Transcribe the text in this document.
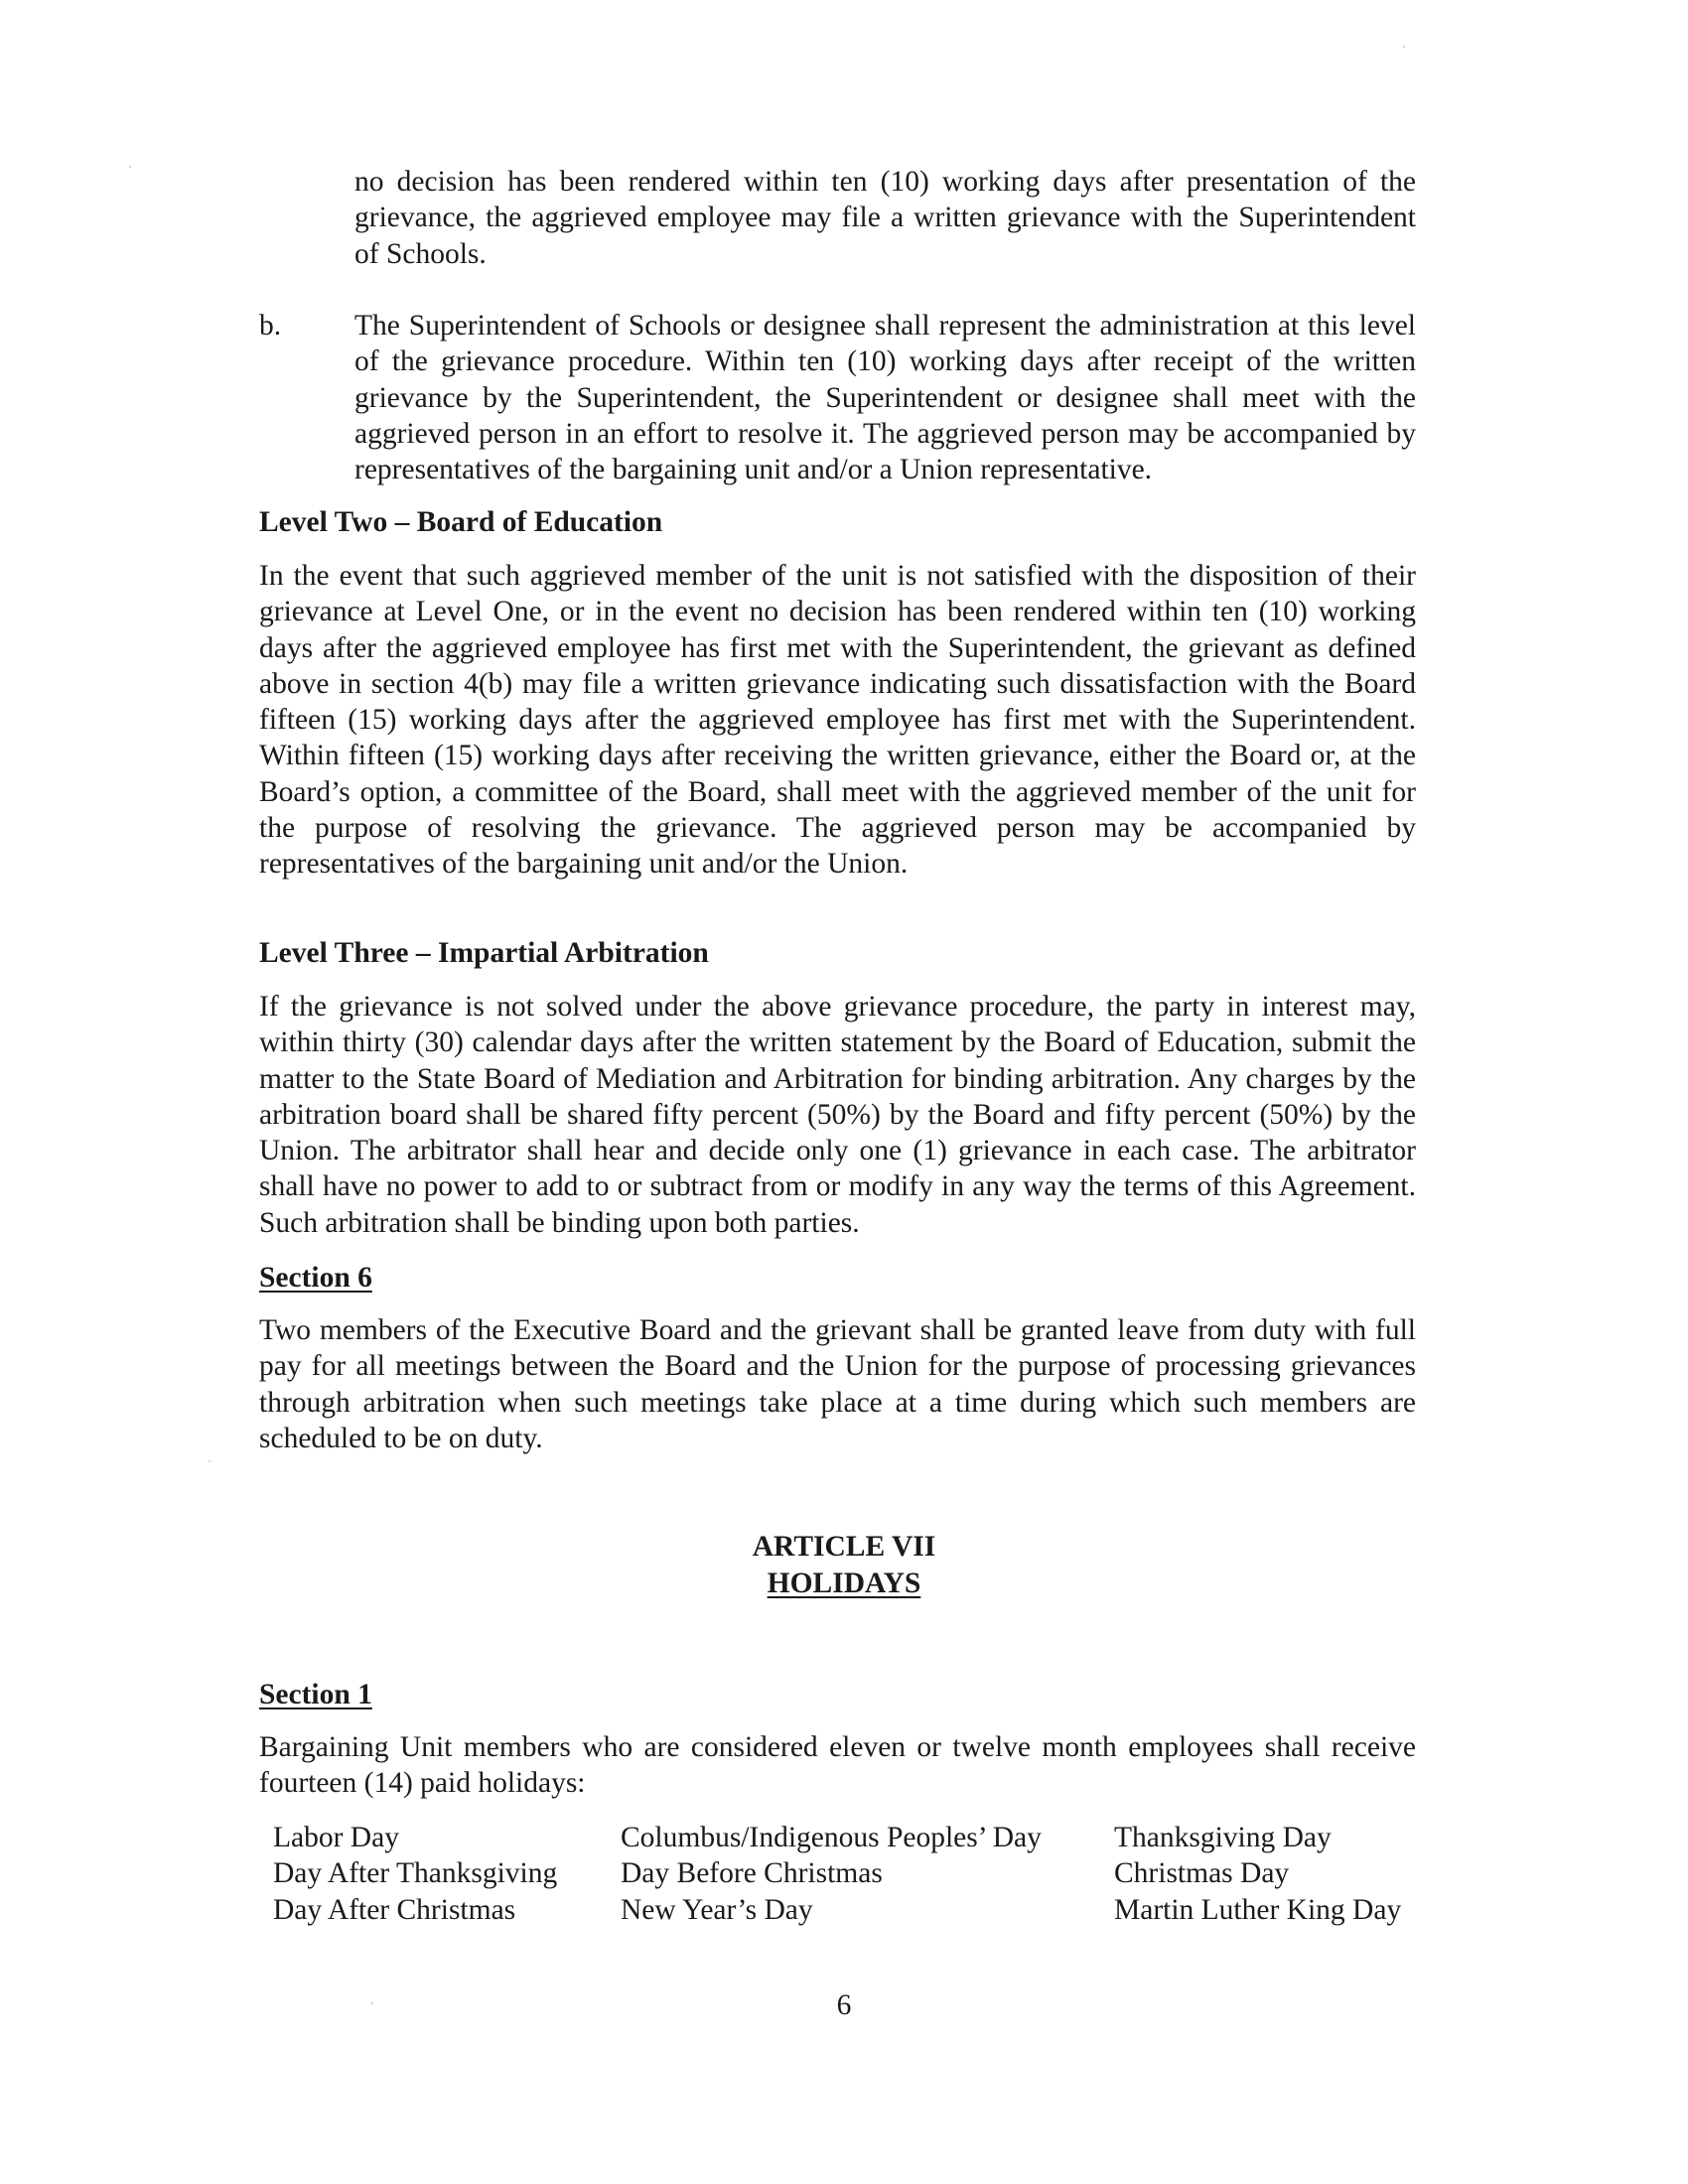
no decision has been rendered within ten (10) working days after presentation of the grievance, the aggrieved employee may file a written grievance with the Superintendent of Schools.

b.	The Superintendent of Schools or designee shall represent the administration at this level of the grievance procedure. Within ten (10) working days after receipt of the written grievance by the Superintendent, the Superintendent or designee shall meet with the aggrieved person in an effort to resolve it. The aggrieved person may be accompanied by representatives of the bargaining unit and/or a Union representative.

Level Two – Board of Education

In the event that such aggrieved member of the unit is not satisfied with the disposition of their grievance at Level One, or in the event no decision has been rendered within ten (10) working days after the aggrieved employee has first met with the Superintendent, the grievant as defined above in section 4(b) may file a written grievance indicating such dissatisfaction with the Board fifteen (15) working days after the aggrieved employee has first met with the Superintendent. Within fifteen (15) working days after receiving the written grievance, either the Board or, at the Board’s option, a committee of the Board, shall meet with the aggrieved member of the unit for the purpose of resolving the grievance. The aggrieved person may be accompanied by representatives of the bargaining unit and/or the Union.

Level Three – Impartial Arbitration

If the grievance is not solved under the above grievance procedure, the party in interest may, within thirty (30) calendar days after the written statement by the Board of Education, submit the matter to the State Board of Mediation and Arbitration for binding arbitration. Any charges by the arbitration board shall be shared fifty percent (50%) by the Board and fifty percent (50%) by the Union. The arbitrator shall hear and decide only one (1) grievance in each case. The arbitrator shall have no power to add to or subtract from or modify in any way the terms of this Agreement. Such arbitration shall be binding upon both parties.

Section 6

Two members of the Executive Board and the grievant shall be granted leave from duty with full pay for all meetings between the Board and the Union for the purpose of processing grievances through arbitration when such meetings take place at a time during which such members are scheduled to be on duty.

ARTICLE VII
HOLIDAYS
Section 1

Bargaining Unit members who are considered eleven or twelve month employees shall receive fourteen (14) paid holidays:

Labor Day
Day After Thanksgiving
Day After Christmas
Columbus/Indigenous Peoples’ Day
Day Before Christmas
New Year’s Day
Thanksgiving Day
Christmas Day
Martin Luther King Day
6
